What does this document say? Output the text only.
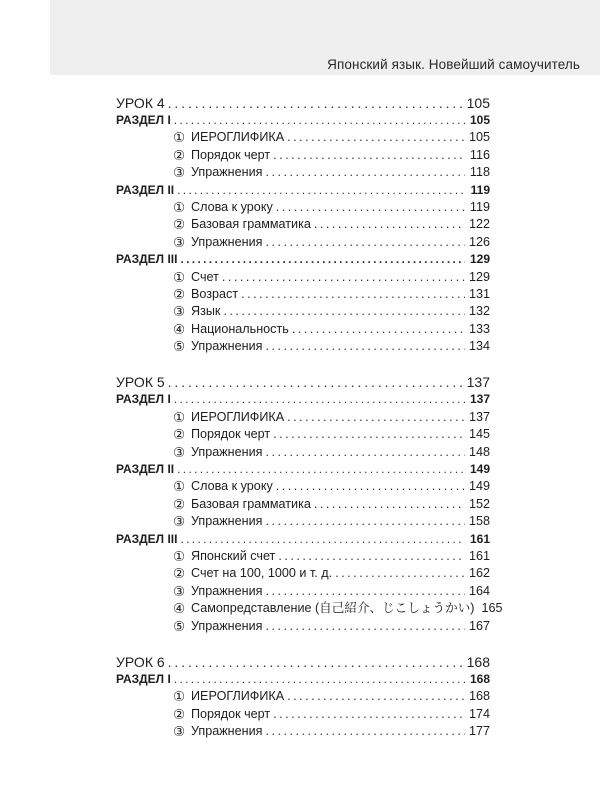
Японский язык. Новейший самоучитель
УРОК 4 . . .	105
РАЗДЕЛ I . . .	105
① ИЕРОГЛИФИКА . . .	105
② Порядок черт . . .	116
③ Упражнения . . .	118
РАЗДЕЛ II . . .	119
① Слова к уроку . . .	119
② Базовая грамматика . . .	122
③ Упражнения . . .	126
РАЗДЕЛ III . . .	129
① Счет . . .	129
② Возраст . . .	131
③ Язык . . .	132
④ Национальность . . .	133
⑤ Упражнения . . .	134
УРОК 5 . . .	137
РАЗДЕЛ I . . .	137
① ИЕРОГЛИФИКА . . .	137
② Порядок черт . . .	145
③ Упражнения . . .	148
РАЗДЕЛ II . . .	149
① Слова к уроку . . .	149
② Базовая грамматика . . .	152
③ Упражнения . . .	158
РАЗДЕЛ III . . .	161
① Японский счет . . .	161
② Счет на 100, 1000 и т. д. . . .	162
③ Упражнения . . .	164
④ Самопредставление (自己紹介、じこしょうかい) 165
⑤ Упражнения . . .	167
УРОК 6 . . .	168
РАЗДЕЛ I . . .	168
① ИЕРОГЛИФИКА . . .	168
② Порядок черт . . .	174
③ Упражнения . . .	177
